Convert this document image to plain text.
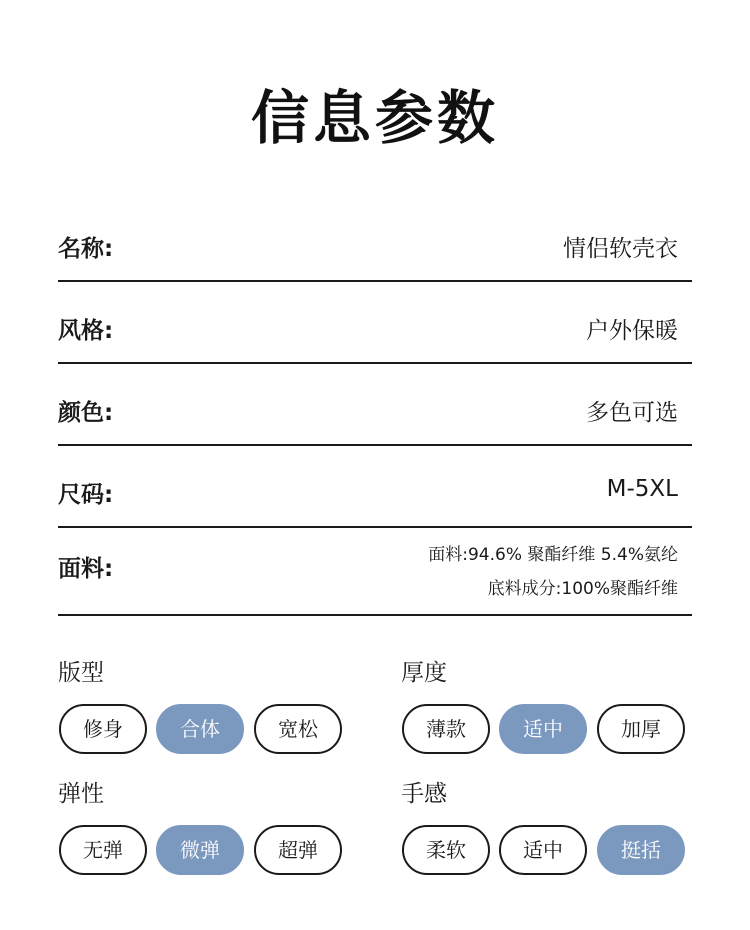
信息参数
名称:	情侣软壳衣
风格:	户外保暖
颜色:	多色可选
尺码:	M-5XL
面料:
面料:94.6% 聚酯纤维 5.4%氨纶
底料成分:100%聚酯纤维
版型
修身	合体	宽松
厚度
薄款	适中	加厚
弹性
无弹	微弹	超弹
手感
柔软	适中	挺括
